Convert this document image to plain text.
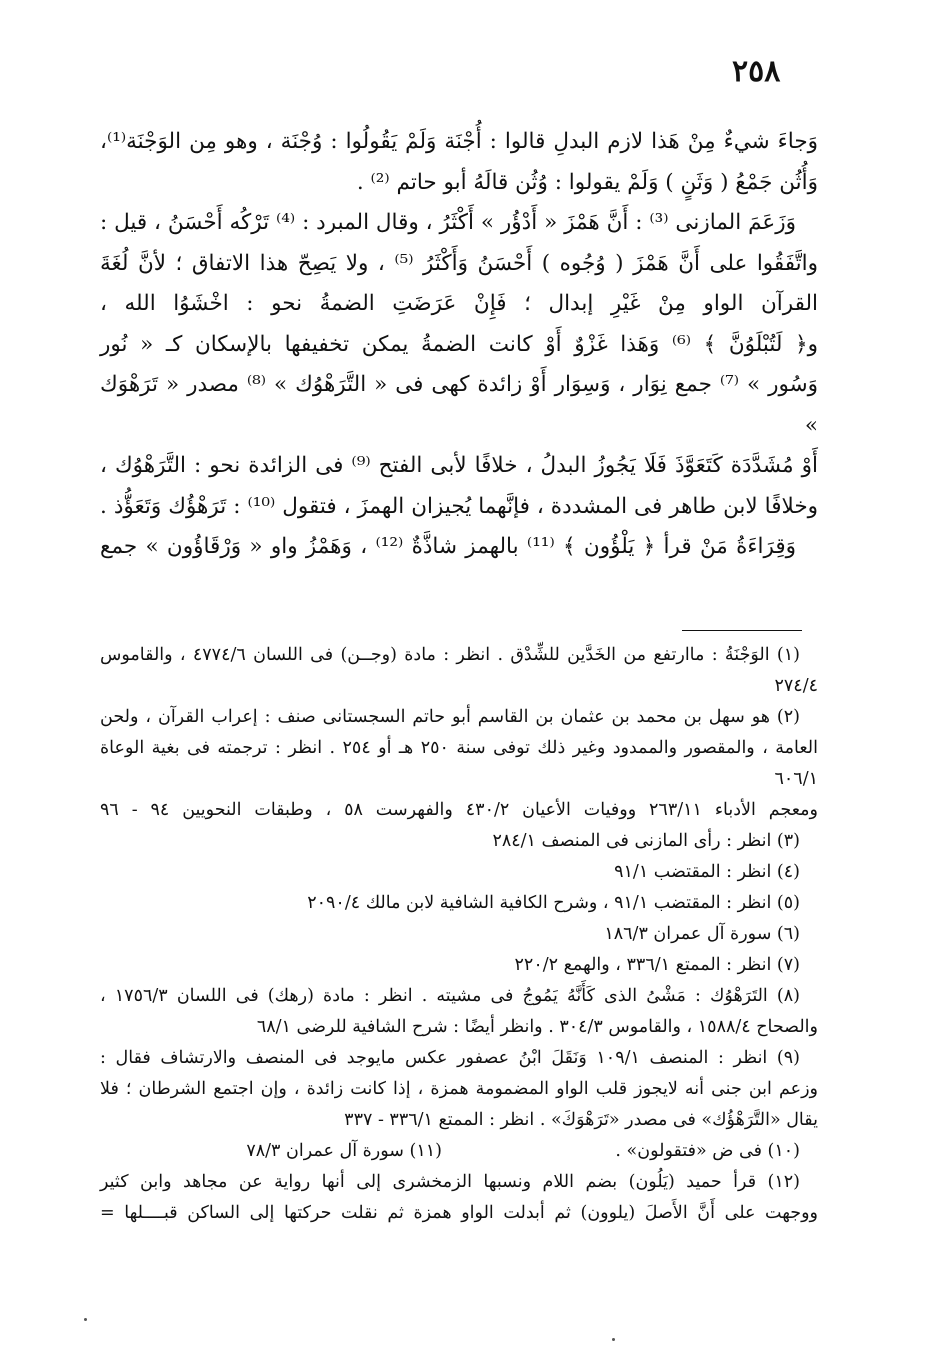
٢٥٨

وَجاءَ شيءٌ مِنْ هَذا لازم البدلِ قالوا : أُجْنَة وَلَمْ يَقُولُوا : وُجْنَة ، وهو مِن الوَجْنَة⁽¹⁾،
وَأُثُن جَمْعُ ( وَثَنٍ ) وَلَمْ يقولوا : وُثُن قالَهُ أبو حاتم ⁽²⁾ .

وَزَعَمَ المازنى ⁽³⁾ : أَنَّ هَمْزَ « أَدْؤُر » أَكْثَرُ ، وقال المبرد : ⁽⁴⁾ تَرْكُه أَحْسَنُ ، قيل :
واتَّفَقُوا على أَنَّ هَمْزَ ( وُجُوه ) أَحْسَنُ وَأَكْثَرُ ⁽⁵⁾ ، ولا يَصِحّ هذا الاتفاق ؛ لأنَّ لُغَةَ
القرآن الواو مِنْ غَيْرِ إبدال ؛ فَإِنْ عَرَضَتِ الضمةُ نحو : اخْشَوُا الله ،
و﴿ لَتُبْلَوُنَّ ﴾ ⁽⁶⁾ وَهَذا غَزْوٌ أَوْ كانت الضمةُ يمكن تخفيفها بالإسكان كـ « نُور
وَسُور » ⁽⁷⁾ جمع نِوَار ، وَسِوَار أَوْ زائدة كهى فى « التَّرَهْوُك » ⁽⁸⁾ مصدر « تَرَهْوَك »
أَوْ مُشَدَّدَة كَتَعَوَّذَ فَلَا يَجُوزُ البدلُ ، خلافًا لأبى الفتح ⁽⁹⁾ فى الزائدة نحو : التَّرَهْوُك ،
وخلافًا لابن طاهر فى المشددة ، فإنَّهما يُجيزان الهمزَ ، فتقول ⁽¹⁰⁾ : تَرَهْؤُك وَتَعَؤُّذ .

وَقِرَاءَةُ مَنْ قرأ ﴿ يَلْؤُون ﴾ ⁽¹¹⁾ بالهمز شاذَّةٌ ⁽¹²⁾ ، وَهَمْزُ واو « وَرْقَاؤُون » جمع

(١) الوَجْنَةُ : ماارتفع من الخَدَّين للشِّدْق . انظر : مادة (وجــن) فى اللسان ٤٧٧٤/٦ ، والقاموس
٢٧٤/٤
(٢) هو سهل بن محمد بن عثمان بن القاسم أبو حاتم السجستانى صنف : إعراب القرآن ، ولحن
العامة ، والمقصور والممدود وغير ذلك توفى سنة ٢٥٠ هـ أو ٢٥٤ . انظر : ترجمته فى بغية الوعاة ٦٠٦/١
ومعجم الأدباء ٢٦٣/١١ ووفيات الأعيان ٤٣٠/٢ والفهرست ٥٨ ، وطبقات النحويين ٩٤ - ٩٦
(٣) انظر : رأى المازنى فى المنصف ٢٨٤/١
(٤) انظر : المقتضب ٩١/١
(٥) انظر : المقتضب ٩١/١ ، وشرح الكافية الشافية لابن مالك ٢٠٩٠/٤
(٦) سورة آل عمران ١٨٦/٣
(٧) انظر : الممتع ٣٣٦/١ ، والهمع ٢٢٠/٢
(٨) التَرَهْوُك : مَشْىُ الذى كَأَنَّهُ يَمُوجُ فى مشيته . انظر : مادة (رهك) فى اللسان ١٧٥٦/٣ ،
والصحاح ١٥٨٨/٤ ، والقاموس ٣٠٤/٣ . وانظر أيضًا : شرح الشافية للرضى ٦٨/١
(٩) انظر : المنصف ١٠٩/١ وَنَقَلَ ابْنُ عصفور عكس مايوجد فى المنصف والارتشاف فقال :
وزعم ابن جنى أنه لايجوز قلب الواو المضمومة همزة ، إذا كانت زائدة ، وإن اجتمع الشرطان ؛ فلا
يقال «التَّرَهْؤُك» فى مصدر «تَرَهْوَكَ» . انظر : الممتع ٣٣٦/١ - ٣٣٧
(١٠) فى ض «فتقولون» .
(١١) سورة آل عمران ٧٨/٣
(١٢) قرأ حميد (يَلُون) بضم اللام ونسبها الزمخشرى إلى أنها رواية عن مجاهد وابن كثير
ووجهت على أَنَّ الأَصلَ (يلوون) ثم أبدلت الواو همزة ثم نقلت حركتها إلى الساكن قبــــلها =
